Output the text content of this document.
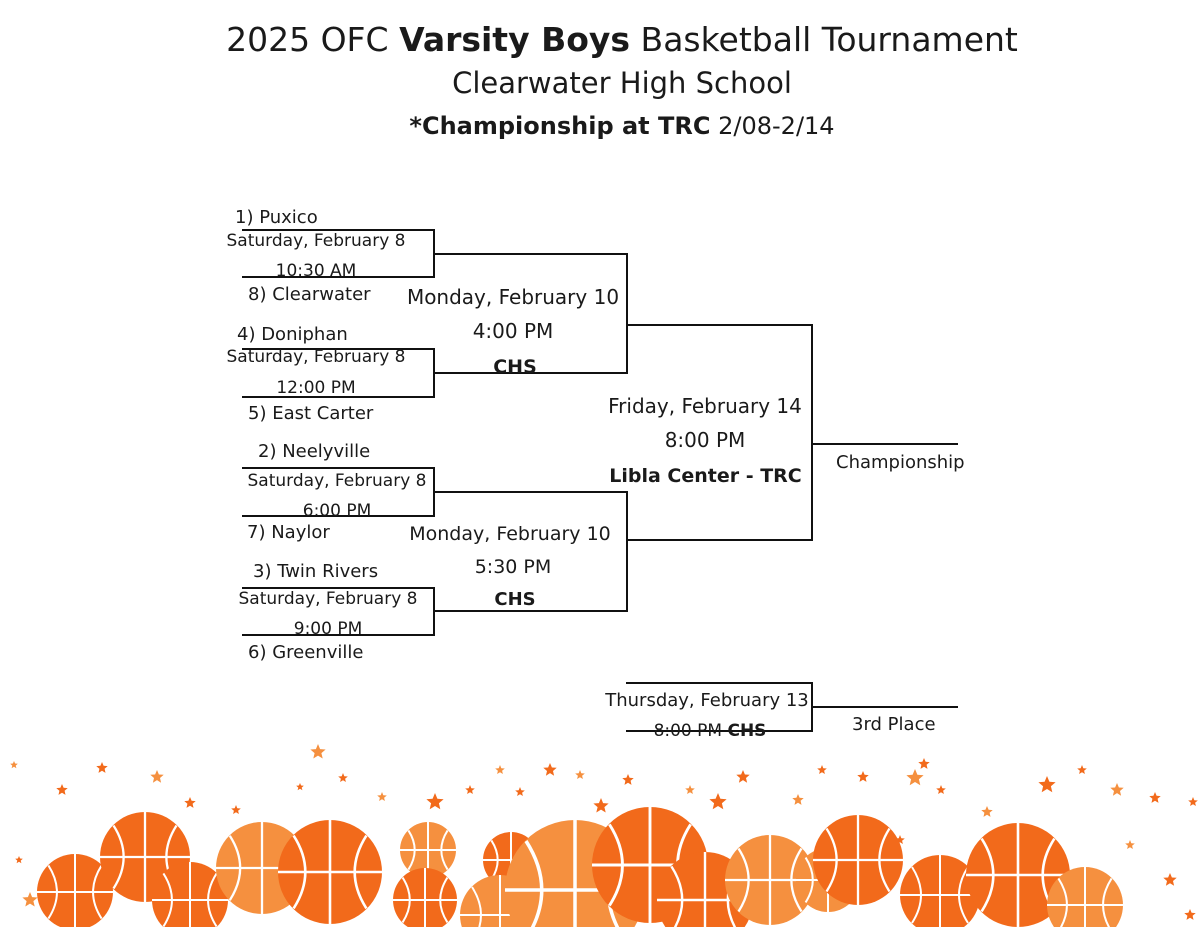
2025 OFC Varsity Boys Basketball Tournament
Clearwater High School
*Championship at TRC 2/08-2/14
1) Puxico
Saturday, February 8
10:30 AM
8) Clearwater
4) Doniphan
Saturday, February 8
12:00 PM
5) East Carter
2) Neelyville
Saturday, February 8
6:00 PM
7) Naylor
3) Twin Rivers
Saturday, February 8
9:00 PM
6) Greenville
Monday, February 10
4:00 PM
CHS
Monday, February 10
5:30 PM
CHS
Friday, February 14
8:00 PM
Libla Center - TRC
Championship
Thursday, February 13
8:00 PM CHS	3rd Place
